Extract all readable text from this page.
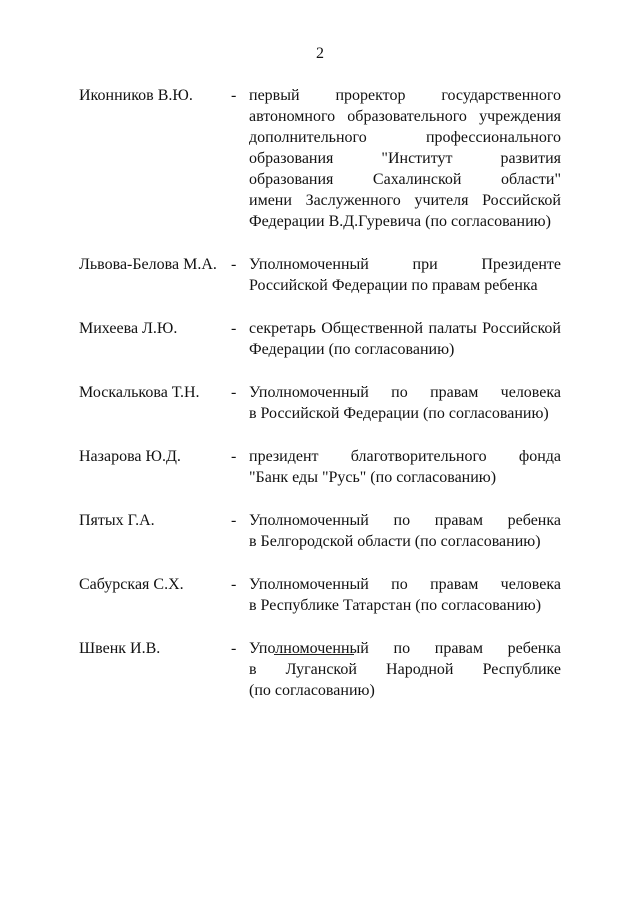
2
Иконников В.Ю.	- первый проректор государственного
автономного образовательного учреждения
дополнительного профессионального
образования "Институт развития
образования Сахалинской области"
имени Заслуженного учителя Российской
Федерации В.Д.Гуревича (по согласованию)
Львова-Белова М.А. - Уполномоченный при Президенте
Российской Федерации по правам ребенка
Михеева Л.Ю.	- секретарь Общественной палаты Российской
Федерации (по согласованию)
Москалькова Т.Н.	- Уполномоченный по правам человека
в Российской Федерации (по согласованию)
Назарова Ю.Д.	- президент благотворительного фонда
"Банк еды "Русь" (по согласованию)
Пятых Г.А.	- Уполномоченный по правам ребенка
в Белгородской области (по согласованию)
Сабурская С.Х.	- Уполномоченный по правам человека
в Республике Татарстан (по согласованию)
Швенк И.В.	- Уполномоченный по правам ребенка
в Луганской Народной Республике
(по согласованию)
